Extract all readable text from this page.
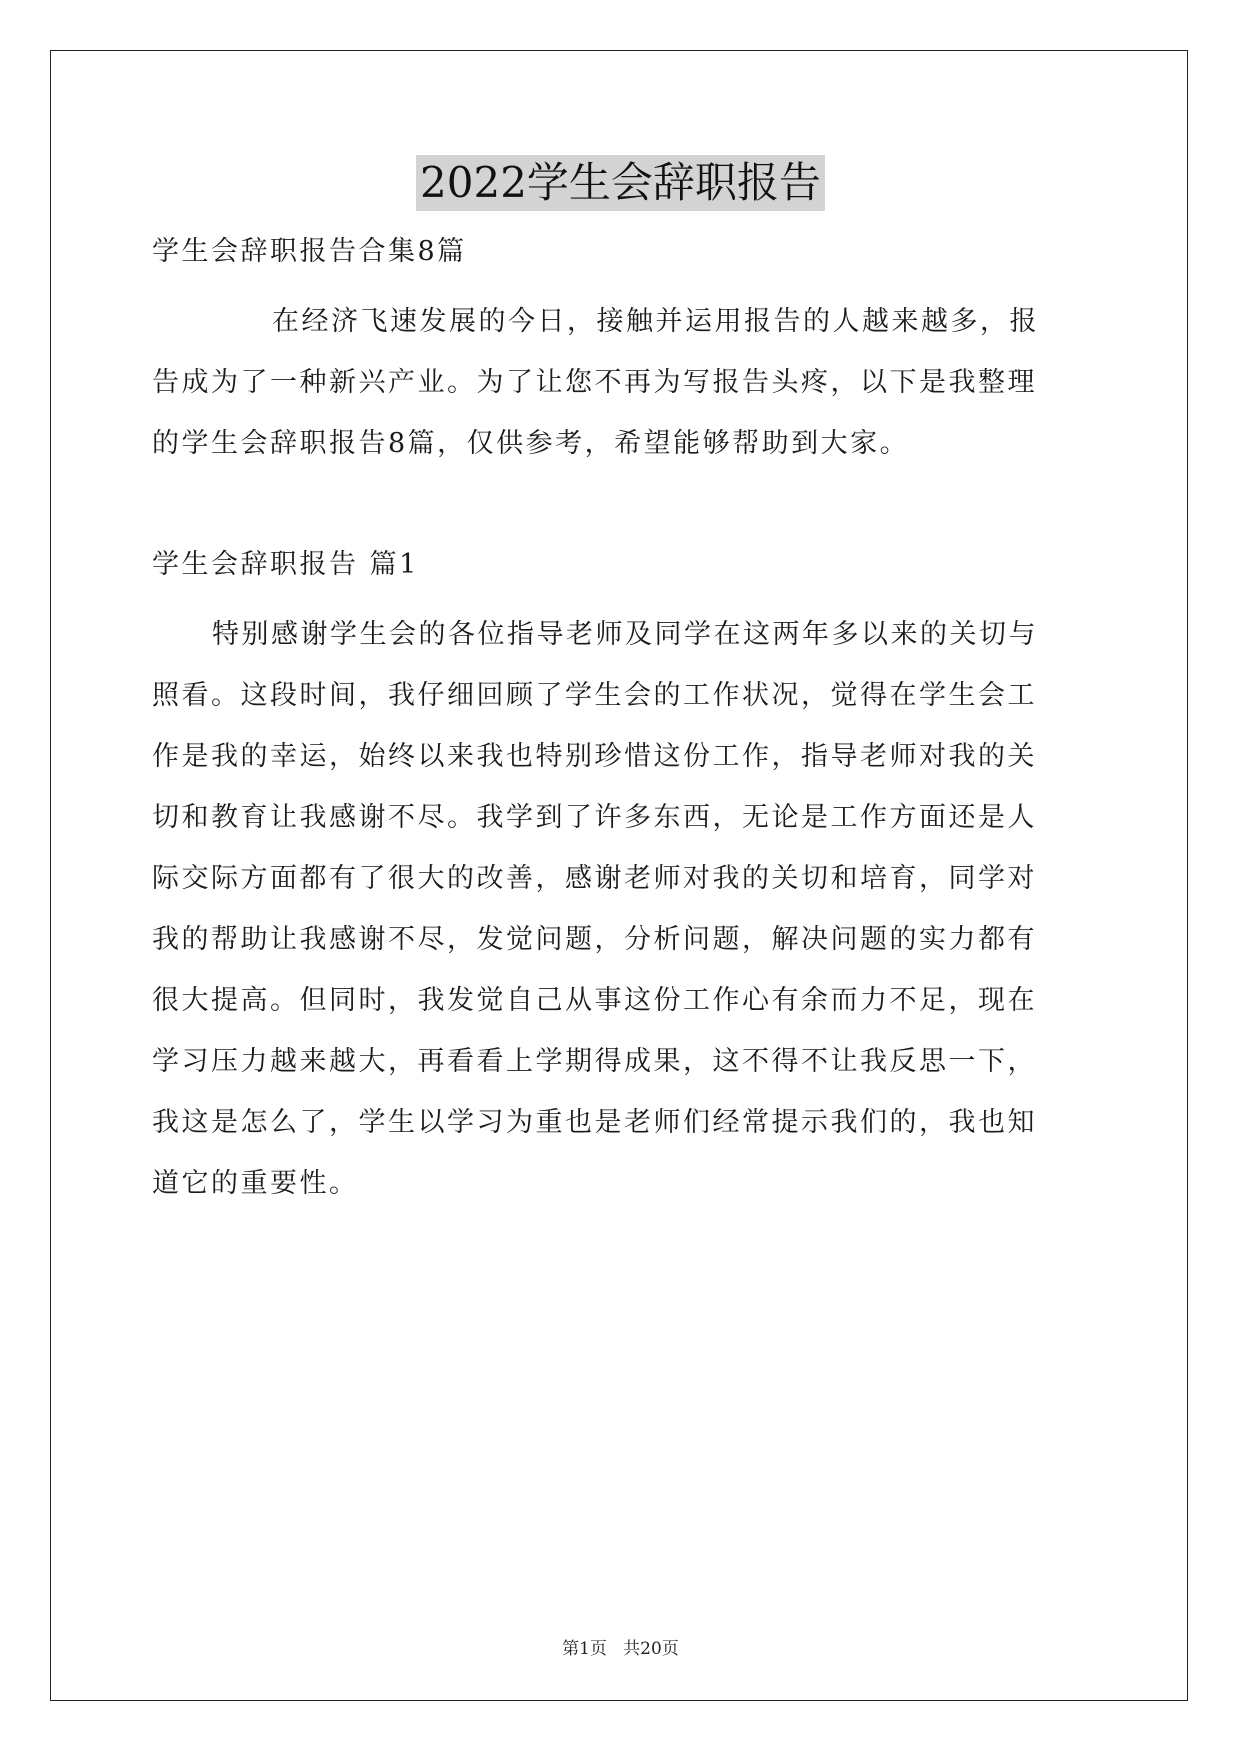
2022学生会辞职报告
学生会辞职报告合集8篇
在经济飞速发展的今日，接触并运用报告的人越来越多，报
告成为了一种新兴产业。为了让您不再为写报告头疼，以下是我整理
的学生会辞职报告8篇，仅供参考，希望能够帮助到大家。
学生会辞职报告 篇1
特别感谢学生会的各位指导老师及同学在这两年多以来的关切与
照看。这段时间，我仔细回顾了学生会的工作状况，觉得在学生会工
作是我的幸运，始终以来我也特别珍惜这份工作，指导老师对我的关
切和教育让我感谢不尽。我学到了许多东西，无论是工作方面还是人
际交际方面都有了很大的改善，感谢老师对我的关切和培育，同学对
我的帮助让我感谢不尽，发觉问题，分析问题，解决问题的实力都有
很大提高。但同时，我发觉自己从事这份工作心有余而力不足，现在
学习压力越来越大，再看看上学期得成果，这不得不让我反思一下，
我这是怎么了，学生以学习为重也是老师们经常提示我们的，我也知
道它的重要性。
第1页   共20页
